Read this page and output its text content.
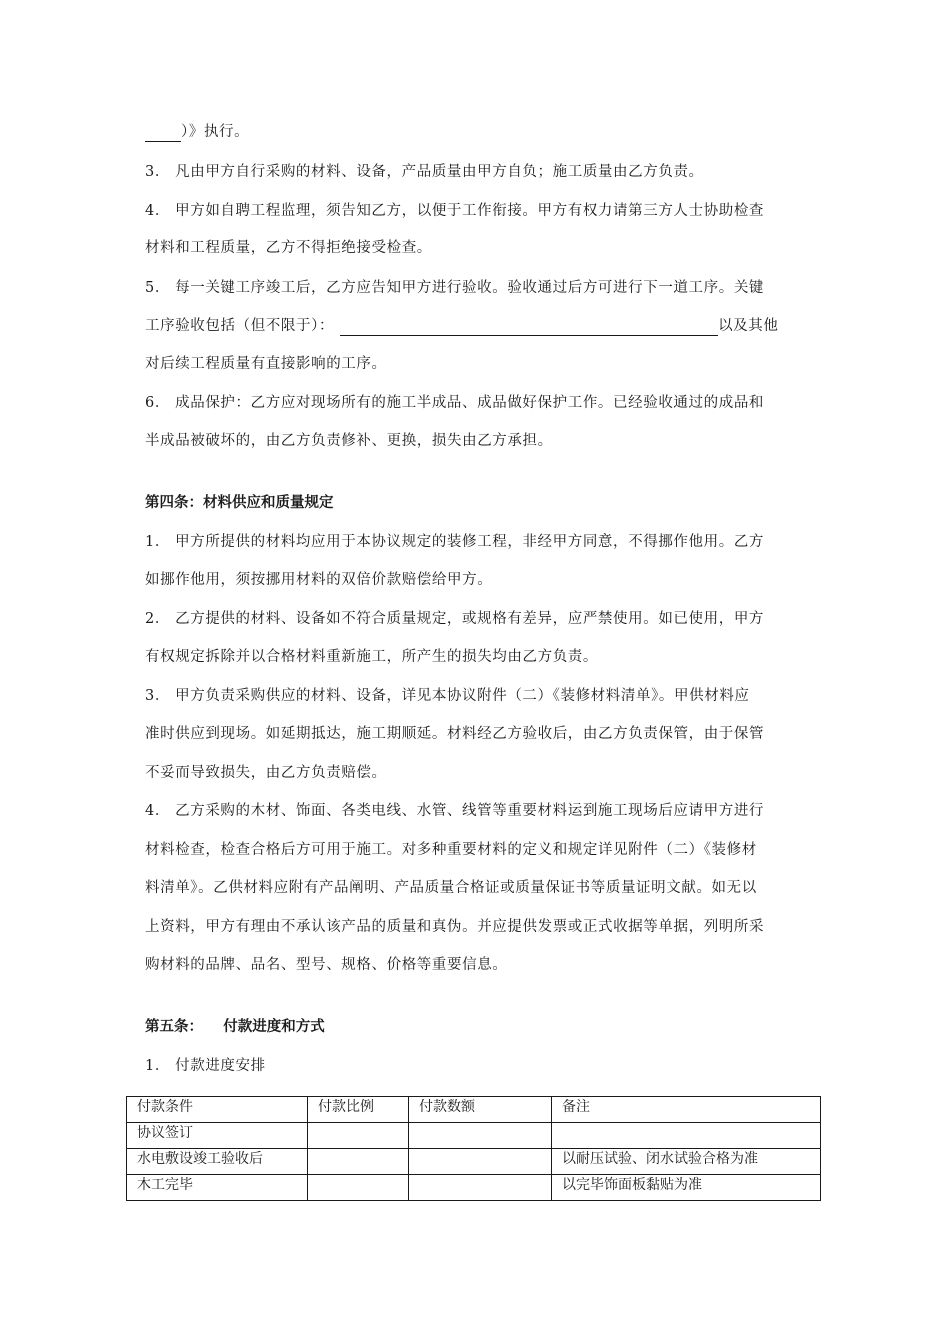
）》执行。
3． 凡由甲方自行采购的材料、设备，产品质量由甲方自负；施工质量由乙方负责。
4． 甲方如自聘工程监理，须告知乙方，以便于工作衔接。甲方有权力请第三方人士协助检查
材料和工程质量，乙方不得拒绝接受检查。
5． 每一关键工序竣工后，乙方应告知甲方进行验收。验收通过后方可进行下一道工序。关键
工序验收包括（但不限于）：	以及其他
对后续工程质量有直接影响的工序。
6． 成品保护：乙方应对现场所有的施工半成品、成品做好保护工作。已经验收通过的成品和
半成品被破坏的，由乙方负责修补、更换，损失由乙方承担。
第四条：材料供应和质量规定
1． 甲方所提供的材料均应用于本协议规定的装修工程，非经甲方同意，不得挪作他用。乙方
如挪作他用，须按挪用材料的双倍价款赔偿给甲方。
2． 乙方提供的材料、设备如不符合质量规定，或规格有差异，应严禁使用。如已使用，甲方
有权规定拆除并以合格材料重新施工，所产生的损失均由乙方负责。
3． 甲方负责采购供应的材料、设备，详见本协议附件（二）《装修材料清单》。甲供材料应
准时供应到现场。如延期抵达，施工期顺延。材料经乙方验收后，由乙方负责保管，由于保管
不妥而导致损失，由乙方负责赔偿。
4． 乙方采购的木材、饰面、各类电线、水管、线管等重要材料运到施工现场后应请甲方进行
材料检查，检查合格后方可用于施工。对多种重要材料的定义和规定详见附件（二）《装修材
料清单》。乙供材料应附有产品阐明、产品质量合格证或质量保证书等质量证明文献。如无以
上资料，甲方有理由不承认该产品的质量和真伪。并应提供发票或正式收据等单据，列明所采
购材料的品牌、品名、型号、规格、价格等重要信息。
第五条：    付款进度和方式
1． 付款进度安排
付款条件	付款比例	付款数额	备注
协议签订			
水电敷设竣工验收后			以耐压试验、闭水试验合格为准
木工完毕			以完毕饰面板黏贴为准
